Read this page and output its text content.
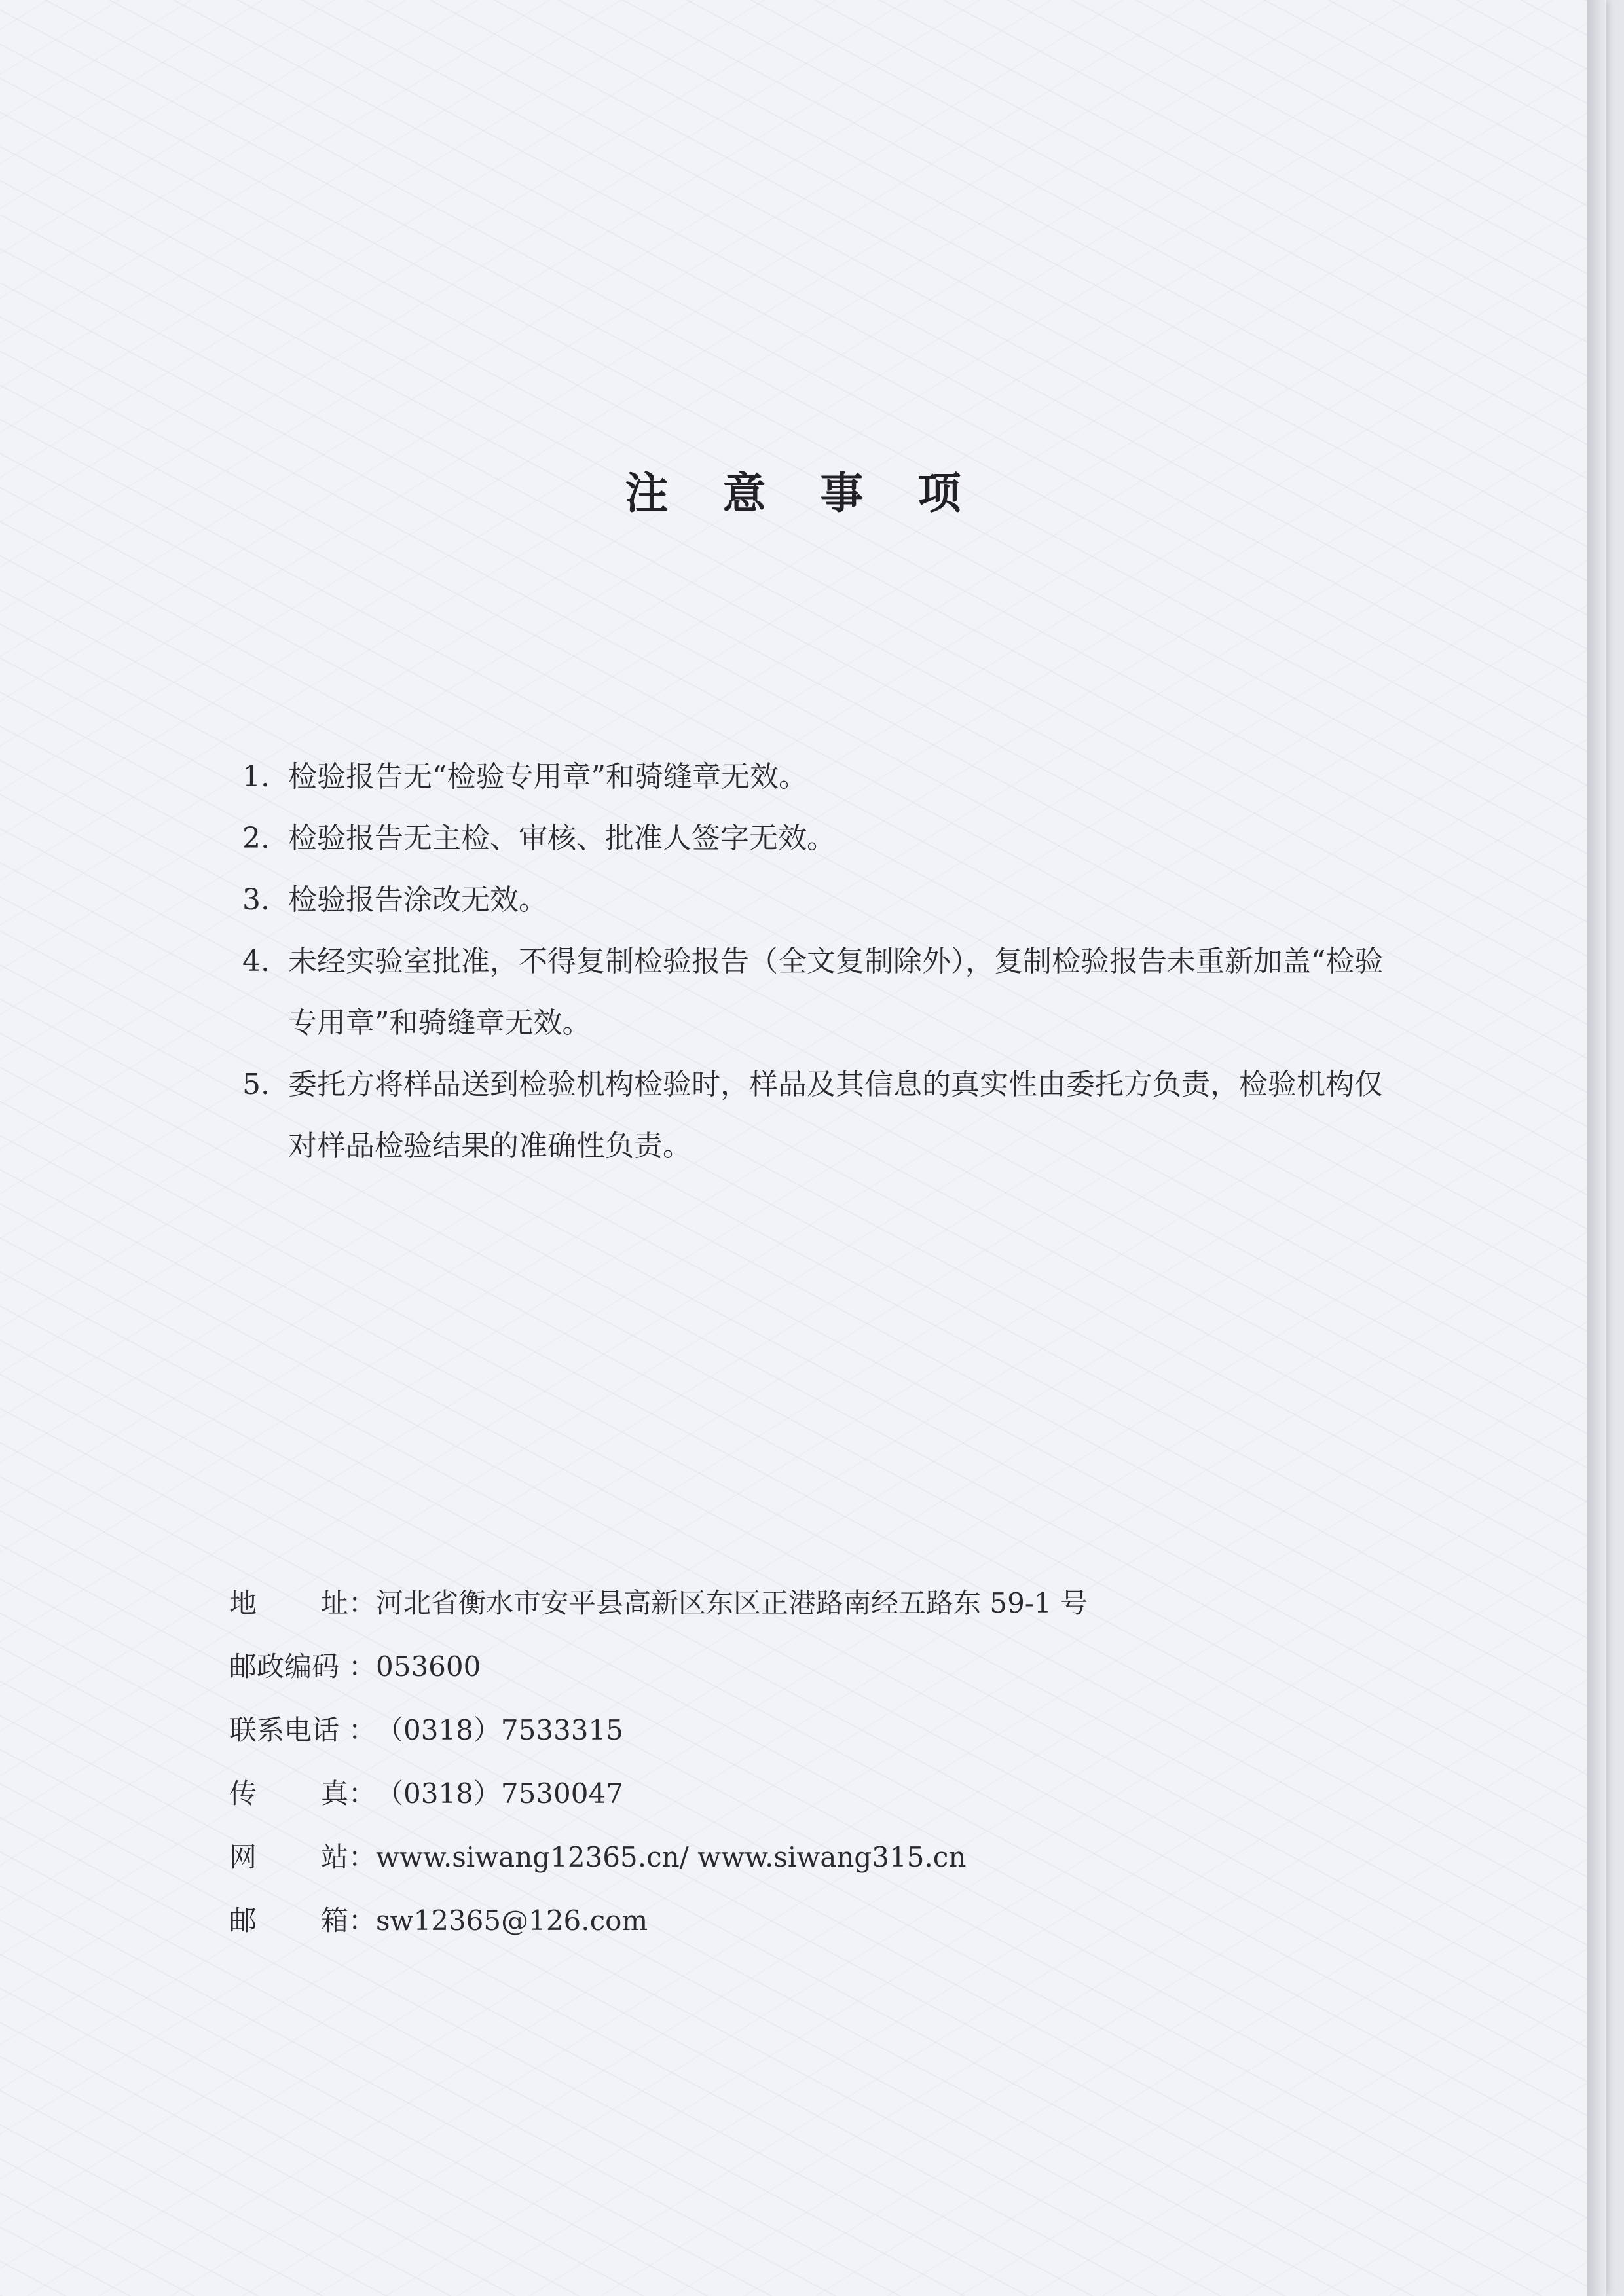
注 意 事 项
1. 检验报告无“检验专用章”和骑缝章无效。
2. 检验报告无主检、审核、批准人签字无效。
3. 检验报告涂改无效。
4. 未经实验室批准，不得复制检验报告（全文复制除外），复制检验报告未重新加盖“检验专用章”和骑缝章无效。
5. 委托方将样品送到检验机构检验时，样品及其信息的真实性由委托方负责，检验机构仅对样品检验结果的准确性负责。
地 址： 河北省衡水市安平县高新区东区正港路南经五路东 59-1 号
邮政编码 ： 053600
联系电话 ： （0318）7533315
传 真： （0318）7530047
网 站： www.siwang12365.cn/ www.siwang315.cn
邮 箱： sw12365@126.com
